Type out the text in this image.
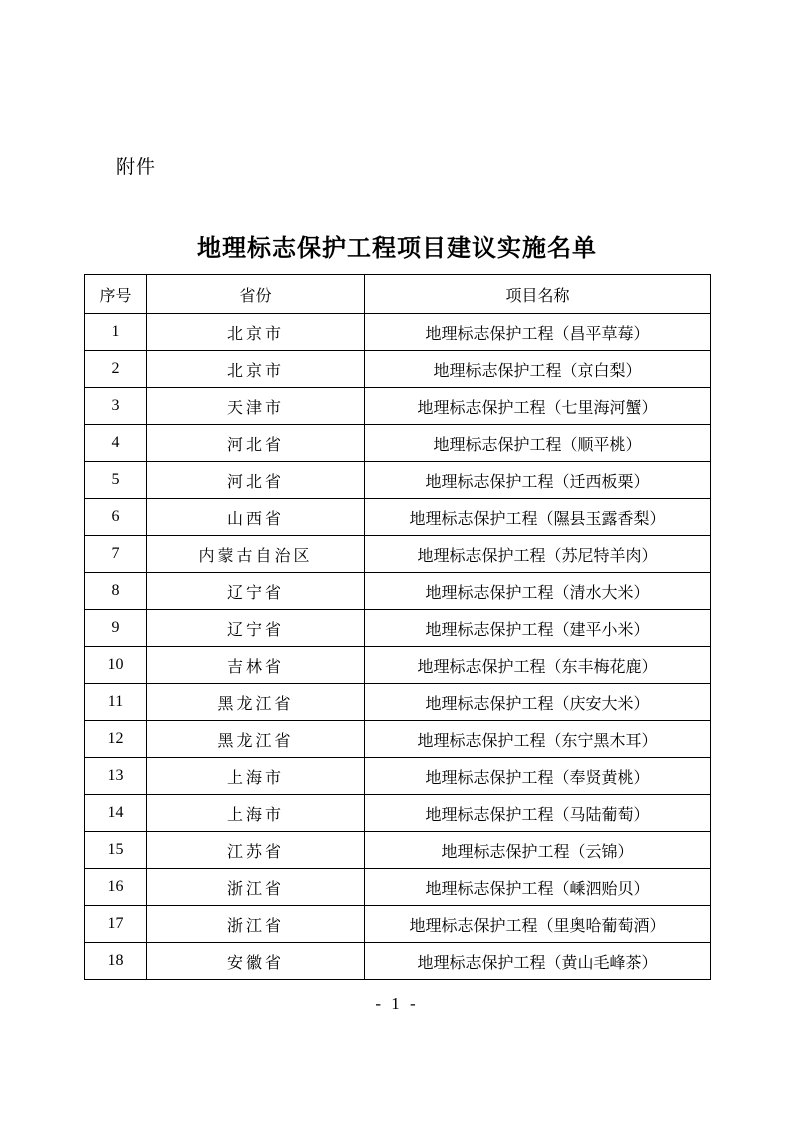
附件
地理标志保护工程项目建议实施名单
序号	省份	项目名称
1	北京市	地理标志保护工程（昌平草莓）
2	北京市	地理标志保护工程（京白梨）
3	天津市	地理标志保护工程（七里海河蟹）
4	河北省	地理标志保护工程（顺平桃）
5	河北省	地理标志保护工程（迁西板栗）
6	山西省	地理标志保护工程（隰县玉露香梨）
7	内蒙古自治区	地理标志保护工程（苏尼特羊肉）
8	辽宁省	地理标志保护工程（清水大米）
9	辽宁省	地理标志保护工程（建平小米）
10	吉林省	地理标志保护工程（东丰梅花鹿）
11	黑龙江省	地理标志保护工程（庆安大米）
12	黑龙江省	地理标志保护工程（东宁黑木耳）
13	上海市	地理标志保护工程（奉贤黄桃）
14	上海市	地理标志保护工程（马陆葡萄）
15	江苏省	地理标志保护工程（云锦）
16	浙江省	地理标志保护工程（嵊泗贻贝）
17	浙江省	地理标志保护工程（里奥哈葡萄酒）
18	安徽省	地理标志保护工程（黄山毛峰茶）
- 1 -
